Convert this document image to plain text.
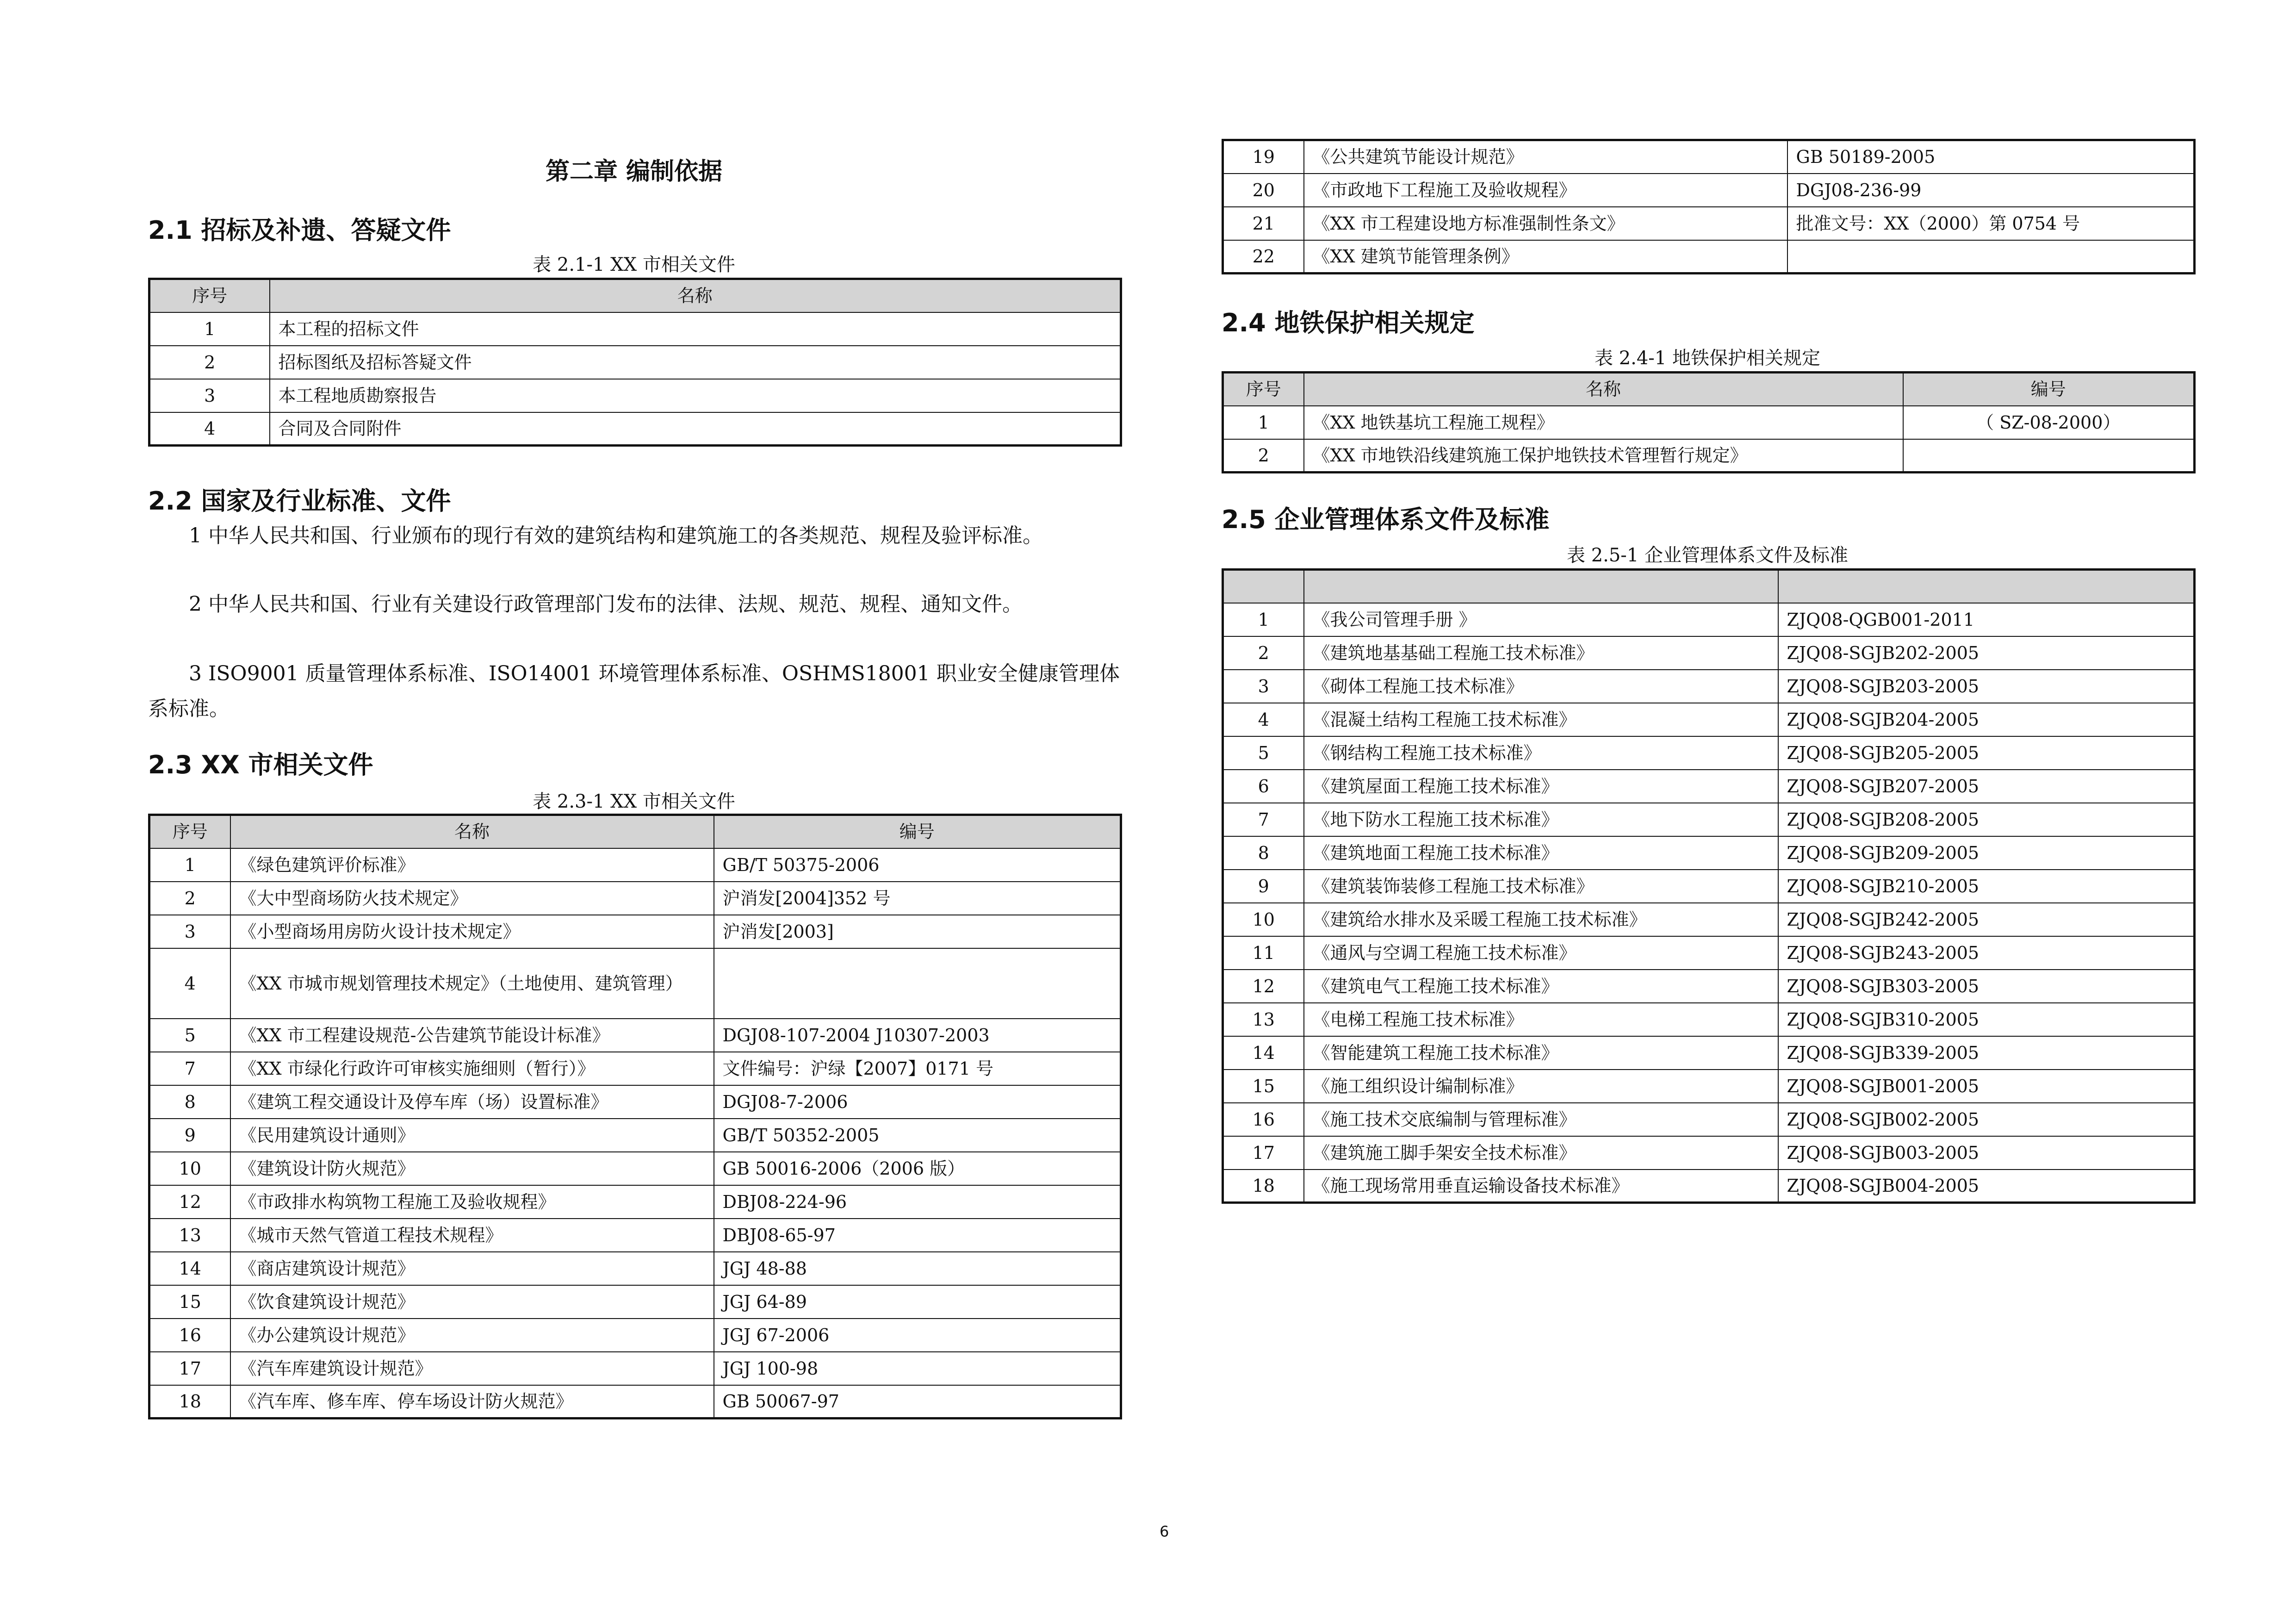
第二章 编制依据
2.1 招标及补遗、答疑文件
表 2.1-1 XX 市相关文件
序号	名称
1	本工程的招标文件
2	招标图纸及招标答疑文件
3	本工程地质勘察报告
4	合同及合同附件
2.2 国家及行业标准、文件
1 中华人民共和国、行业颁布的现行有效的建筑结构和建筑施工的各类规范、规程及验评标准。
2 中华人民共和国、行业有关建设行政管理部门发布的法律、法规、规范、规程、通知文件。
3 ISO9001 质量管理体系标准、ISO14001 环境管理体系标准、OSHMS18001 职业安全健康管理体系标准。
2.3 XX 市相关文件
表 2.3-1 XX 市相关文件
序号	名称	编号
1	《绿色建筑评价标准》	GB/T 50375-2006
2	《大中型商场防火技术规定》	沪消发[2004]352 号
3	《小型商场用房防火设计技术规定》	沪消发[2003]
4	《XX 市城市规划管理技术规定》（土地使用、建筑管理）	
5	《XX 市工程建设规范-公告建筑节能设计标准》	DGJ08-107-2004 J10307-2003
7	《XX 市绿化行政许可审核实施细则（暂行）》	文件编号：沪绿【2007】0171 号
8	《建筑工程交通设计及停车库（场）设置标准》	DGJ08-7-2006
9	《民用建筑设计通则》	GB/T 50352-2005
10	《建筑设计防火规范》	GB 50016-2006（2006 版）
12	《市政排水构筑物工程施工及验收规程》	DBJ08-224-96
13	《城市天然气管道工程技术规程》	DBJ08-65-97
14	《商店建筑设计规范》	JGJ 48-88
15	《饮食建筑设计规范》	JGJ 64-89
16	《办公建筑设计规范》	JGJ 67-2006
17	《汽车库建筑设计规范》	JGJ 100-98
18	《汽车库、修车库、停车场设计防火规范》	GB 50067-97
19	《公共建筑节能设计规范》	GB 50189-2005
20	《市政地下工程施工及验收规程》	DGJ08-236-99
21	《XX 市工程建设地方标准强制性条文》	批准文号：XX（2000）第 0754 号
22	《XX 建筑节能管理条例》	
2.4 地铁保护相关规定
表 2.4-1 地铁保护相关规定
序号	名称	编号
1	《XX 地铁基坑工程施工规程》	（ SZ-08-2000）
2	《XX 市地铁沿线建筑施工保护地铁技术管理暂行规定》	
2.5 企业管理体系文件及标准
表 2.5-1 企业管理体系文件及标准

1	《我公司管理手册 》	ZJQ08-QGB001-2011
2	《建筑地基基础工程施工技术标准》	ZJQ08-SGJB202-2005
3	《砌体工程施工技术标准》	ZJQ08-SGJB203-2005
4	《混凝土结构工程施工技术标准》	ZJQ08-SGJB204-2005
5	《钢结构工程施工技术标准》	ZJQ08-SGJB205-2005
6	《建筑屋面工程施工技术标准》	ZJQ08-SGJB207-2005
7	《地下防水工程施工技术标准》	ZJQ08-SGJB208-2005
8	《建筑地面工程施工技术标准》	ZJQ08-SGJB209-2005
9	《建筑装饰装修工程施工技术标准》	ZJQ08-SGJB210-2005
10	《建筑给水排水及采暖工程施工技术标准》	ZJQ08-SGJB242-2005
11	《通风与空调工程施工技术标准》	ZJQ08-SGJB243-2005
12	《建筑电气工程施工技术标准》	ZJQ08-SGJB303-2005
13	《电梯工程施工技术标准》	ZJQ08-SGJB310-2005
14	《智能建筑工程施工技术标准》	ZJQ08-SGJB339-2005
15	《施工组织设计编制标准》	ZJQ08-SGJB001-2005
16	《施工技术交底编制与管理标准》	ZJQ08-SGJB002-2005
17	《建筑施工脚手架安全技术标准》	ZJQ08-SGJB003-2005
18	《施工现场常用垂直运输设备技术标准》	ZJQ08-SGJB004-2005
6
